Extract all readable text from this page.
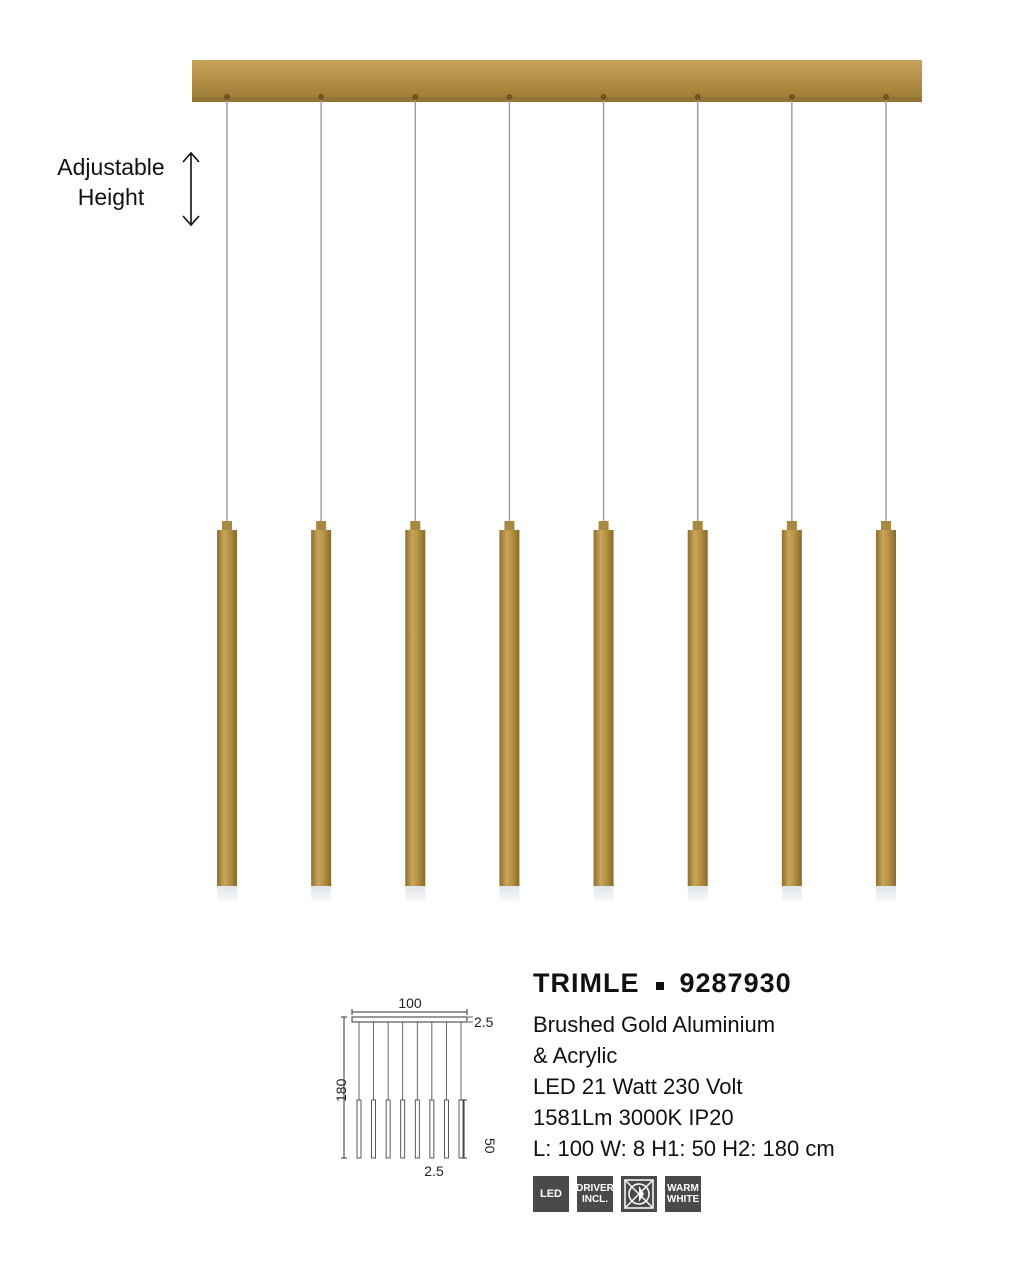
Adjustable
Height
100
2.5
180
50
2.5
TRIMLE 9287930
Brushed Gold Aluminium
& Acrylic
LED 21 Watt 230 Volt
1581Lm 3000K IP20
L: 100 W: 8 H1: 50 H2: 180 cm
LED DRIVER
INCL.
WARM
WHITE
